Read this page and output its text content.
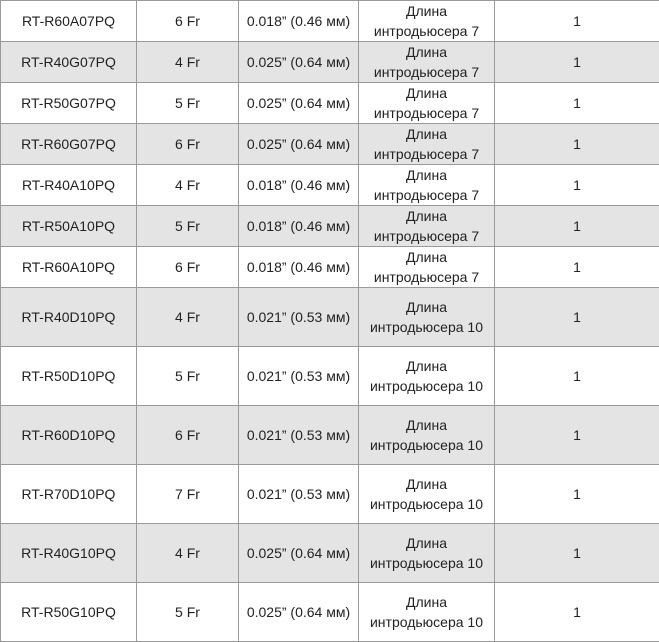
RT-R60A07PQ	6 Fr	0.018” (0.46 мм)	Длина
интродьюсера 7	1
RT-R40G07PQ	4 Fr	0.025” (0.64 мм)	Длина
интродьюсера 7	1
RT-R50G07PQ	5 Fr	0.025” (0.64 мм)	Длина
интродьюсера 7	1
RT-R60G07PQ	6 Fr	0.025” (0.64 мм)	Длина
интродьюсера 7	1
RT-R40A10PQ	4 Fr	0.018” (0.46 мм)	Длина
интродьюсера 7	1
RT-R50A10PQ	5 Fr	0.018” (0.46 мм)	Длина
интродьюсера 7	1
RT-R60A10PQ	6 Fr	0.018” (0.46 мм)	Длина
интродьюсера 7	1
RT-R40D10PQ	4 Fr	0.021” (0.53 мм)	Длина
интродьюсера 10	1
RT-R50D10PQ	5 Fr	0.021” (0.53 мм)	Длина
интродьюсера 10	1
RT-R60D10PQ	6 Fr	0.021” (0.53 мм)	Длина
интродьюсера 10	1
RT-R70D10PQ	7 Fr	0.021” (0.53 мм)	Длина
интродьюсера 10	1
RT-R40G10PQ	4 Fr	0.025” (0.64 мм)	Длина
интродьюсера 10	1
RT-R50G10PQ	5 Fr	0.025” (0.64 мм)	Длина
интродьюсера 10	1
